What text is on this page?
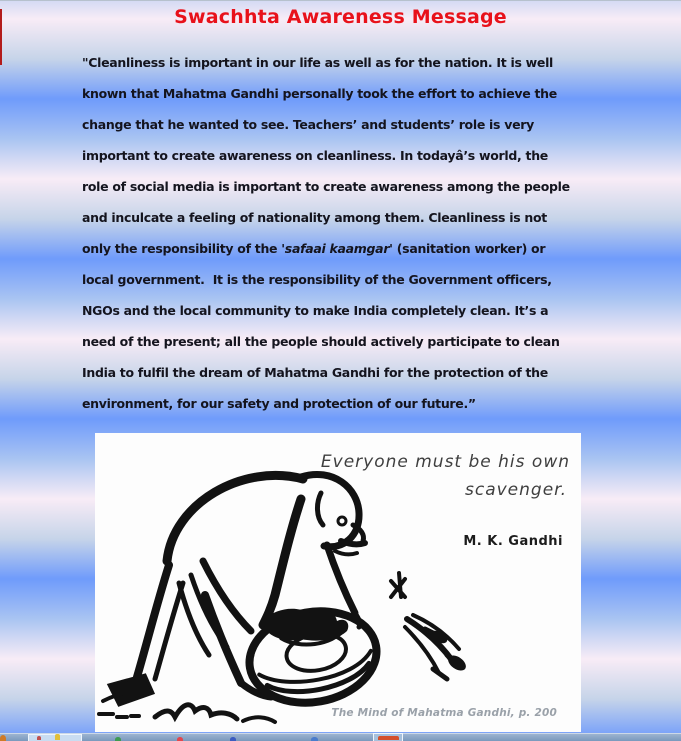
Swachhta Awareness Message
"Cleanliness is important in our life as well as for the nation. It is well
known that Mahatma Gandhi personally took the effort to achieve the
change that he wanted to see. Teachers’ and students’ role is very
important to create awareness on cleanliness. In todayâ’s world, the
role of social media is important to create awareness among the people
and inculcate a feeling of nationality among them. Cleanliness is not
only the responsibility of the 'safaai kaamgar' (sanitation worker) or
local government.  It is the responsibility of the Government officers,
NGOs and the local community to make India completely clean. It’s a
need of the present; all the people should actively participate to clean
India to fulfil the dream of Mahatma Gandhi for the protection of the
environment, for our safety and protection of our future.”
Everyone must be his own
scavenger.
M. K. Gandhi
The Mind of Mahatma Gandhi, p. 200
